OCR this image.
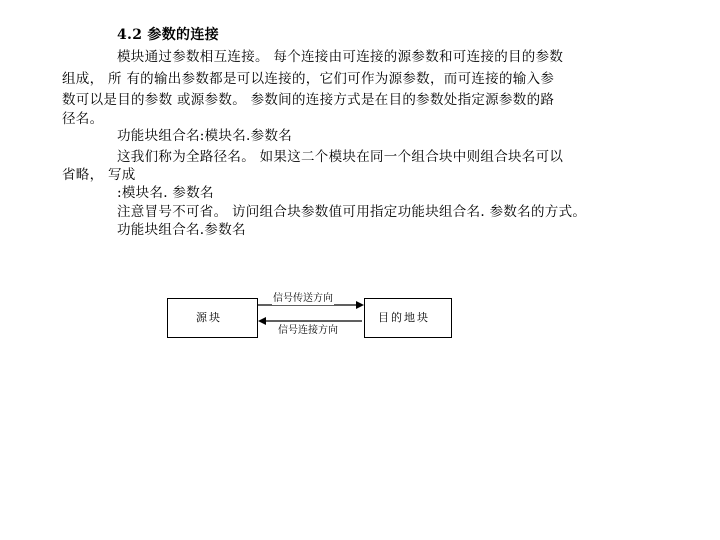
4.2 参数的连接
模块通过参数相互连接。 每个连接由可连接的源参数和可连接的目的参数
组成， 所 有的输出参数都是可以连接的，它们可作为源参数，而可连接的输入参
数可以是目的参数 或源参数。 参数间的连接方式是在目的参数处指定源参数的路
径名。
功能块组合名:模块名.参数名
这我们称为全路径名。 如果这二个模块在同一个组合块中则组合块名可以
省略， 写成
:模块名. 参数名
注意冒号不可省。 访问组合块参数值可用指定功能块组合名. 参数名的方式。
功能块组合名.参数名
源块	目的地块
信号传送方向
信号连接方向
